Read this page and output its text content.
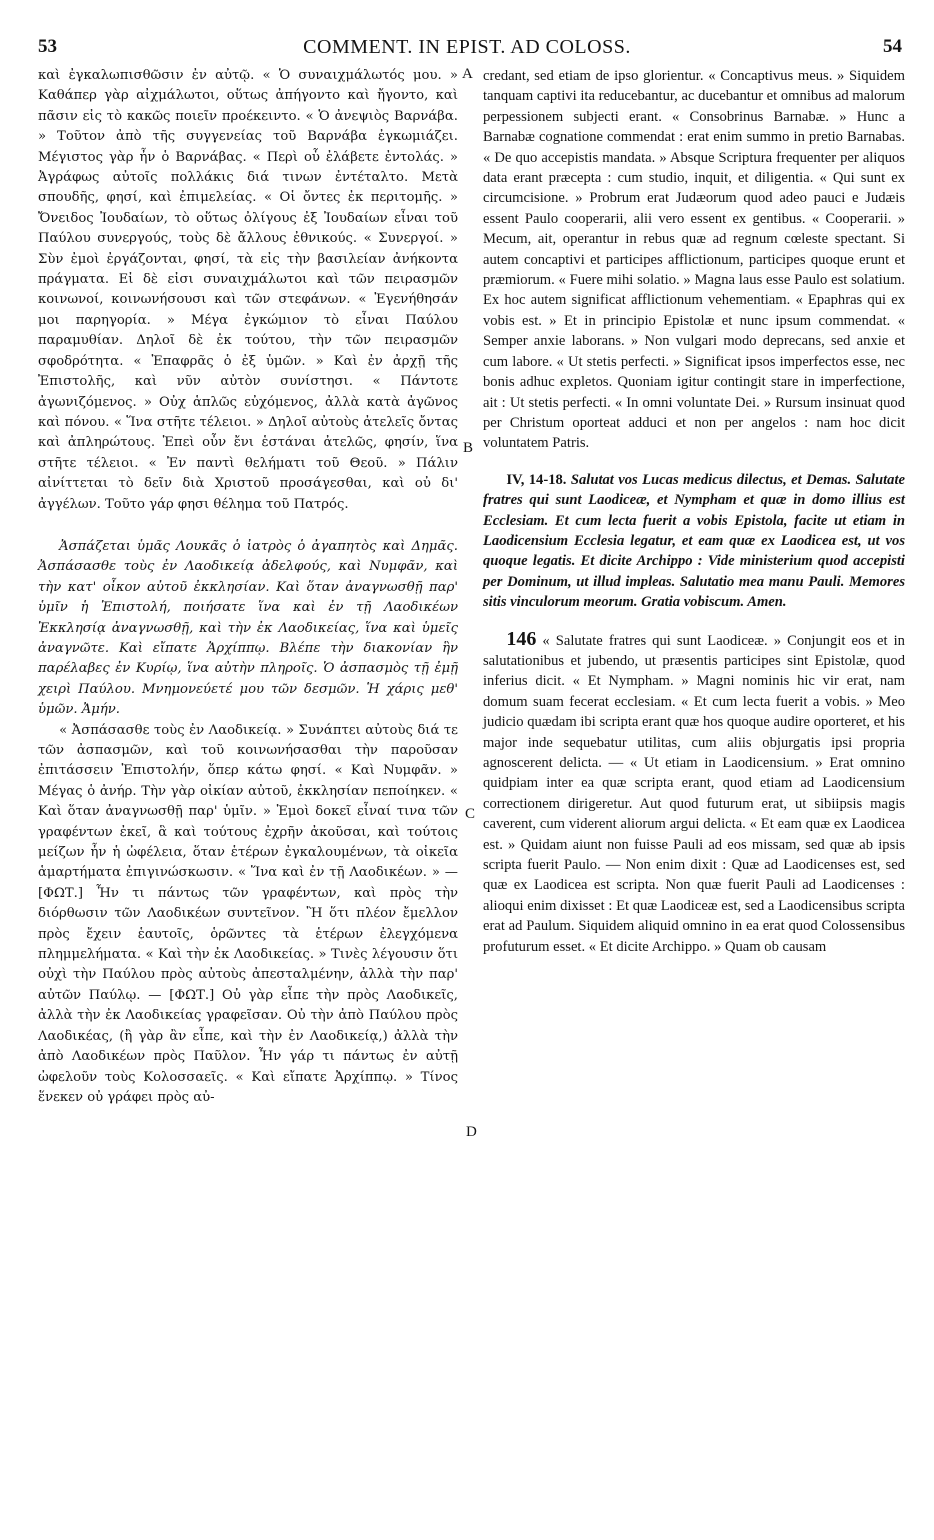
53	COMMENT. IN EPIST. AD COLOSS.	54
A
B
C
D

καὶ ἐγκαλωπισθῶσιν ἐν αὐτῷ. « Ὁ συναιχμάλωτός μου. » Καθάπερ γὰρ αἰχμάλωτοι, οὕτως ἀπήγοντο καὶ ἤγοντο, καὶ πᾶσιν εἰς τὸ κακῶς ποιεῖν προέκειντο. « Ὁ ἀνεψιὸς Βαρνάβα. » Τοῦτον ἀπὸ τῆς συγγενείας τοῦ Βαρνάβα ἐγκωμιάζει. Μέγιστος γὰρ ἦν ὁ Βαρνάβας. « Περὶ οὗ ἐλάβετε ἐντολάς. » Ἀγράφως αὐτοῖς πολλάκις διά τινων ἐντέταλτο. Μετὰ σπουδῆς, φησί, καὶ ἐπιμελείας. « Οἱ ὄντες ἐκ περιτομῆς. » Ὄνειδος Ἰουδαίων, τὸ οὕτως ὀλίγους ἐξ Ἰουδαίων εἶναι τοῦ Παύλου συνεργούς, τοὺς δὲ ἄλλους ἐθνικούς. « Συνεργοί. » Σὺν ἐμοὶ ἐργάζονται, φησί, τὰ εἰς τὴν βασιλείαν ἀνήκοντα πράγματα. Εἰ δὲ εἰσι συναιχμάλωτοι καὶ τῶν πειρασμῶν κοινωνοί, κοινωνήσουσι καὶ τῶν στεφάνων. « Ἐγενήθησάν μοι παρηγορία. » Μέγα ἐγκώμιον τὸ εἶναι Παύλου παραμυθίαν. Δηλοῖ δὲ ἐκ τούτου, τὴν τῶν πειρασμῶν σφοδρότητα. « Ἐπαφρᾶς ὁ ἐξ ὑμῶν. » Καὶ ἐν ἀρχῇ τῆς Ἐπιστολῆς, καὶ νῦν αὐτὸν συνίστησι. « Πάντοτε ἀγωνιζόμενος. » Οὐχ ἁπλῶς εὐχόμενος, ἀλλὰ κατὰ ἀγῶνος καὶ πόνου. « Ἵνα στῆτε τέλειοι. » Δηλοῖ αὐτοὺς ἀτελεῖς ὄντας καὶ ἀπληρώτους. Ἐπεὶ οὖν ἔνι ἑστάναι ἀτελῶς, φησίν, ἵνα στῆτε τέλειοι. « Ἐν παντὶ θελήματι τοῦ Θεοῦ. » Πάλιν αἰνίττεται τὸ δεῖν διὰ Χριστοῦ προσάγεσθαι, καὶ οὐ δι' ἀγγέλων. Τοῦτο γάρ φησι θέλημα τοῦ Πατρός.

Ἀσπάζεται ὑμᾶς Λουκᾶς ὁ ἰατρὸς ὁ ἀγαπητὸς καὶ Δημᾶς. Ἀσπάσασθε τοὺς ἐν Λαοδικείᾳ ἀδελφούς, καὶ Νυμφᾶν, καὶ τὴν κατ' οἶκον αὐτοῦ ἐκκλησίαν. Καὶ ὅταν ἀναγνωσθῇ παρ' ὑμῖν ἡ Ἐπιστολή, ποιήσατε ἵνα καὶ ἐν τῇ Λαοδικέων Ἐκκλησίᾳ ἀναγνωσθῇ, καὶ τὴν ἐκ Λαοδικείας, ἵνα καὶ ὑμεῖς ἀναγνῶτε. Καὶ εἴπατε Ἀρχίππῳ. Βλέπε τὴν διακονίαν ἣν παρέλαβες ἐν Κυρίῳ, ἵνα αὐτὴν πληροῖς. Ὁ ἀσπασμὸς τῇ ἐμῇ χειρὶ Παύλου. Μνημονεύετέ μου τῶν δεσμῶν. Ἡ χάρις μεθ' ὑμῶν. Ἀμήν.

« Ἀσπάσασθε τοὺς ἐν Λαοδικείᾳ. » Συνάπτει αὐτοὺς διά τε τῶν ἀσπασμῶν, καὶ τοῦ κοινωνήσασθαι τὴν παροῦσαν ἐπιτάσσειν Ἐπιστολήν, ὅπερ κάτω φησί. « Καὶ Νυμφᾶν. » Μέγας ὁ ἀνήρ. Τὴν γὰρ οἰκίαν αὐτοῦ, ἐκκλησίαν πεποίηκεν. « Καὶ ὅταν ἀναγνωσθῇ παρ' ὑμῖν. » Ἐμοὶ δοκεῖ εἶναί τινα τῶν γραφέντων ἐκεῖ, ἃ καὶ τούτους ἐχρῆν ἀκοῦσαι, καὶ τούτοις μείζων ἦν ἡ ὠφέλεια, ὅταν ἑτέρων ἐγκαλουμένων, τὰ οἰκεῖα ἁμαρτήματα ἐπιγινώσκωσιν. « Ἵνα καὶ ἐν τῇ Λαοδικέων. » — [ΦΩΤ.] Ἦν τι πάντως τῶν γραφέντων, καὶ πρὸς τὴν διόρθωσιν τῶν Λαοδικέων συντεῖνον. Ἢ ὅτι πλέον ἔμελλον πρὸς ἔχειν ἑαυτοῖς, ὁρῶντες τὰ ἑτέρων ἐλεγχόμενα πλημμελήματα. « Καὶ τὴν ἐκ Λαοδικείας. » Τινὲς λέγουσιν ὅτι οὐχὶ τὴν Παύλου πρὸς αὐτοὺς ἀπεσταλμένην, ἀλλὰ τὴν παρ' αὐτῶν Παύλῳ. — [ΦΩΤ.] Οὐ γὰρ εἶπε τὴν πρὸς Λαοδικεῖς, ἀλλὰ τὴν ἐκ Λαοδικείας γραφεῖσαν. Οὐ τὴν ἀπὸ Παύλου πρὸς Λαοδικέας, (ἢ γὰρ ἂν εἶπε, καὶ τὴν ἐν Λαοδικείᾳ,) ἀλλὰ τὴν ἀπὸ Λαοδικέων πρὸς Παῦλον. Ἦν γάρ τι πάντως ἐν αὐτῇ ὠφελοῦν τοὺς Κολοσσαεῖς. « Καὶ εἴπατε Ἀρχίππῳ. » Τίνος ἕνεκεν οὐ γράφει πρὸς αὐ-

credant, sed etiam de ipso glorientur. « Concaptivus meus. » Siquidem tanquam captivi ita reducebantur, ac ducebantur et omnibus ad malorum perpessionem subjecti erant. « Consobrinus Barnabæ. » Hunc a Barnabæ cognatione commendat : erat enim summo in pretio Barnabas. « De quo accepistis mandata. » Absque Scriptura frequenter per aliquos data erant præcepta : cum studio, inquit, et diligentia. « Qui sunt ex circumcisione. » Probrum erat Judæorum quod adeo pauci e Judæis essent Paulo cooperarii, alii vero essent ex gentibus. « Cooperarii. » Mecum, ait, operantur in rebus quæ ad regnum cœleste spectant. Si autem concaptivi et participes afflictionum, participes quoque erunt et præmiorum. « Fuere mihi solatio. » Magna laus esse Paulo est solatium. Ex hoc autem significat afflictionum vehementiam. « Epaphras qui ex vobis est. » Et in principio Epistolæ et nunc ipsum commendat. « Semper anxie laborans. » Non vulgari modo deprecans, sed anxie et cum labore. « Ut stetis perfecti. » Significat ipsos imperfectos esse, nec bonis adhuc expletos. Quoniam igitur contingit stare in imperfectione, ait : Ut stetis perfecti. « In omni voluntate Dei. » Rursum insinuat quod per Christum oporteat adduci et non per angelos : nam hoc dicit voluntatem Patris.

IV, 14-18. Salutat vos Lucas medicus dilectus, et Demas. Salutate fratres qui sunt Laodiceæ, et Nympham et quæ in domo illius est Ecclesiam. Et cum lecta fuerit a vobis Epistola, facite ut etiam in Laodicensium Ecclesia legatur, et eam quæ ex Laodicea est, ut vos quoque legatis. Et dicite Archippo : Vide ministerium quod accepisti per Dominum, ut illud impleas. Salutatio mea manu Pauli. Memores sitis vinculorum meorum. Gratia vobiscum. Amen.

146 « Salutate fratres qui sunt Laodiceæ. » Conjungit eos et in salutationibus et jubendo, ut præsentis participes sint Epistolæ, quod inferius dicit. « Et Nympham. » Magni nominis hic vir erat, nam domum suam fecerat ecclesiam. « Et cum lecta fuerit a vobis. » Meo judicio quædam ibi scripta erant quæ hos quoque audire oporteret, et his major inde sequebatur utilitas, cum aliis objurgatis ipsi propria agnoscerent delicta. — « Ut etiam in Laodicensium. » Erat omnino quidpiam inter ea quæ scripta erant, quod etiam ad Laodicensium correctionem dirigeretur. Aut quod futurum erat, ut sibiipsis magis caverent, cum viderent aliorum argui delicta. « Et eam quæ ex Laodicea est. » Quidam aiunt non fuisse Pauli ad eos missam, sed quæ ab ipsis scripta fuerit Paulo. — Non enim dixit : Quæ ad Laodicenses est, sed quæ ex Laodicea est scripta. Non quæ fuerit Pauli ad Laodicenses : alioqui enim dixisset : Et quæ Laodiceæ est, sed a Laodicensibus scripta erat ad Paulum. Siquidem aliquid omnino in ea erat quod Colossensibus profuturum esset. « Et dicite Archippo. » Quam ob causam
